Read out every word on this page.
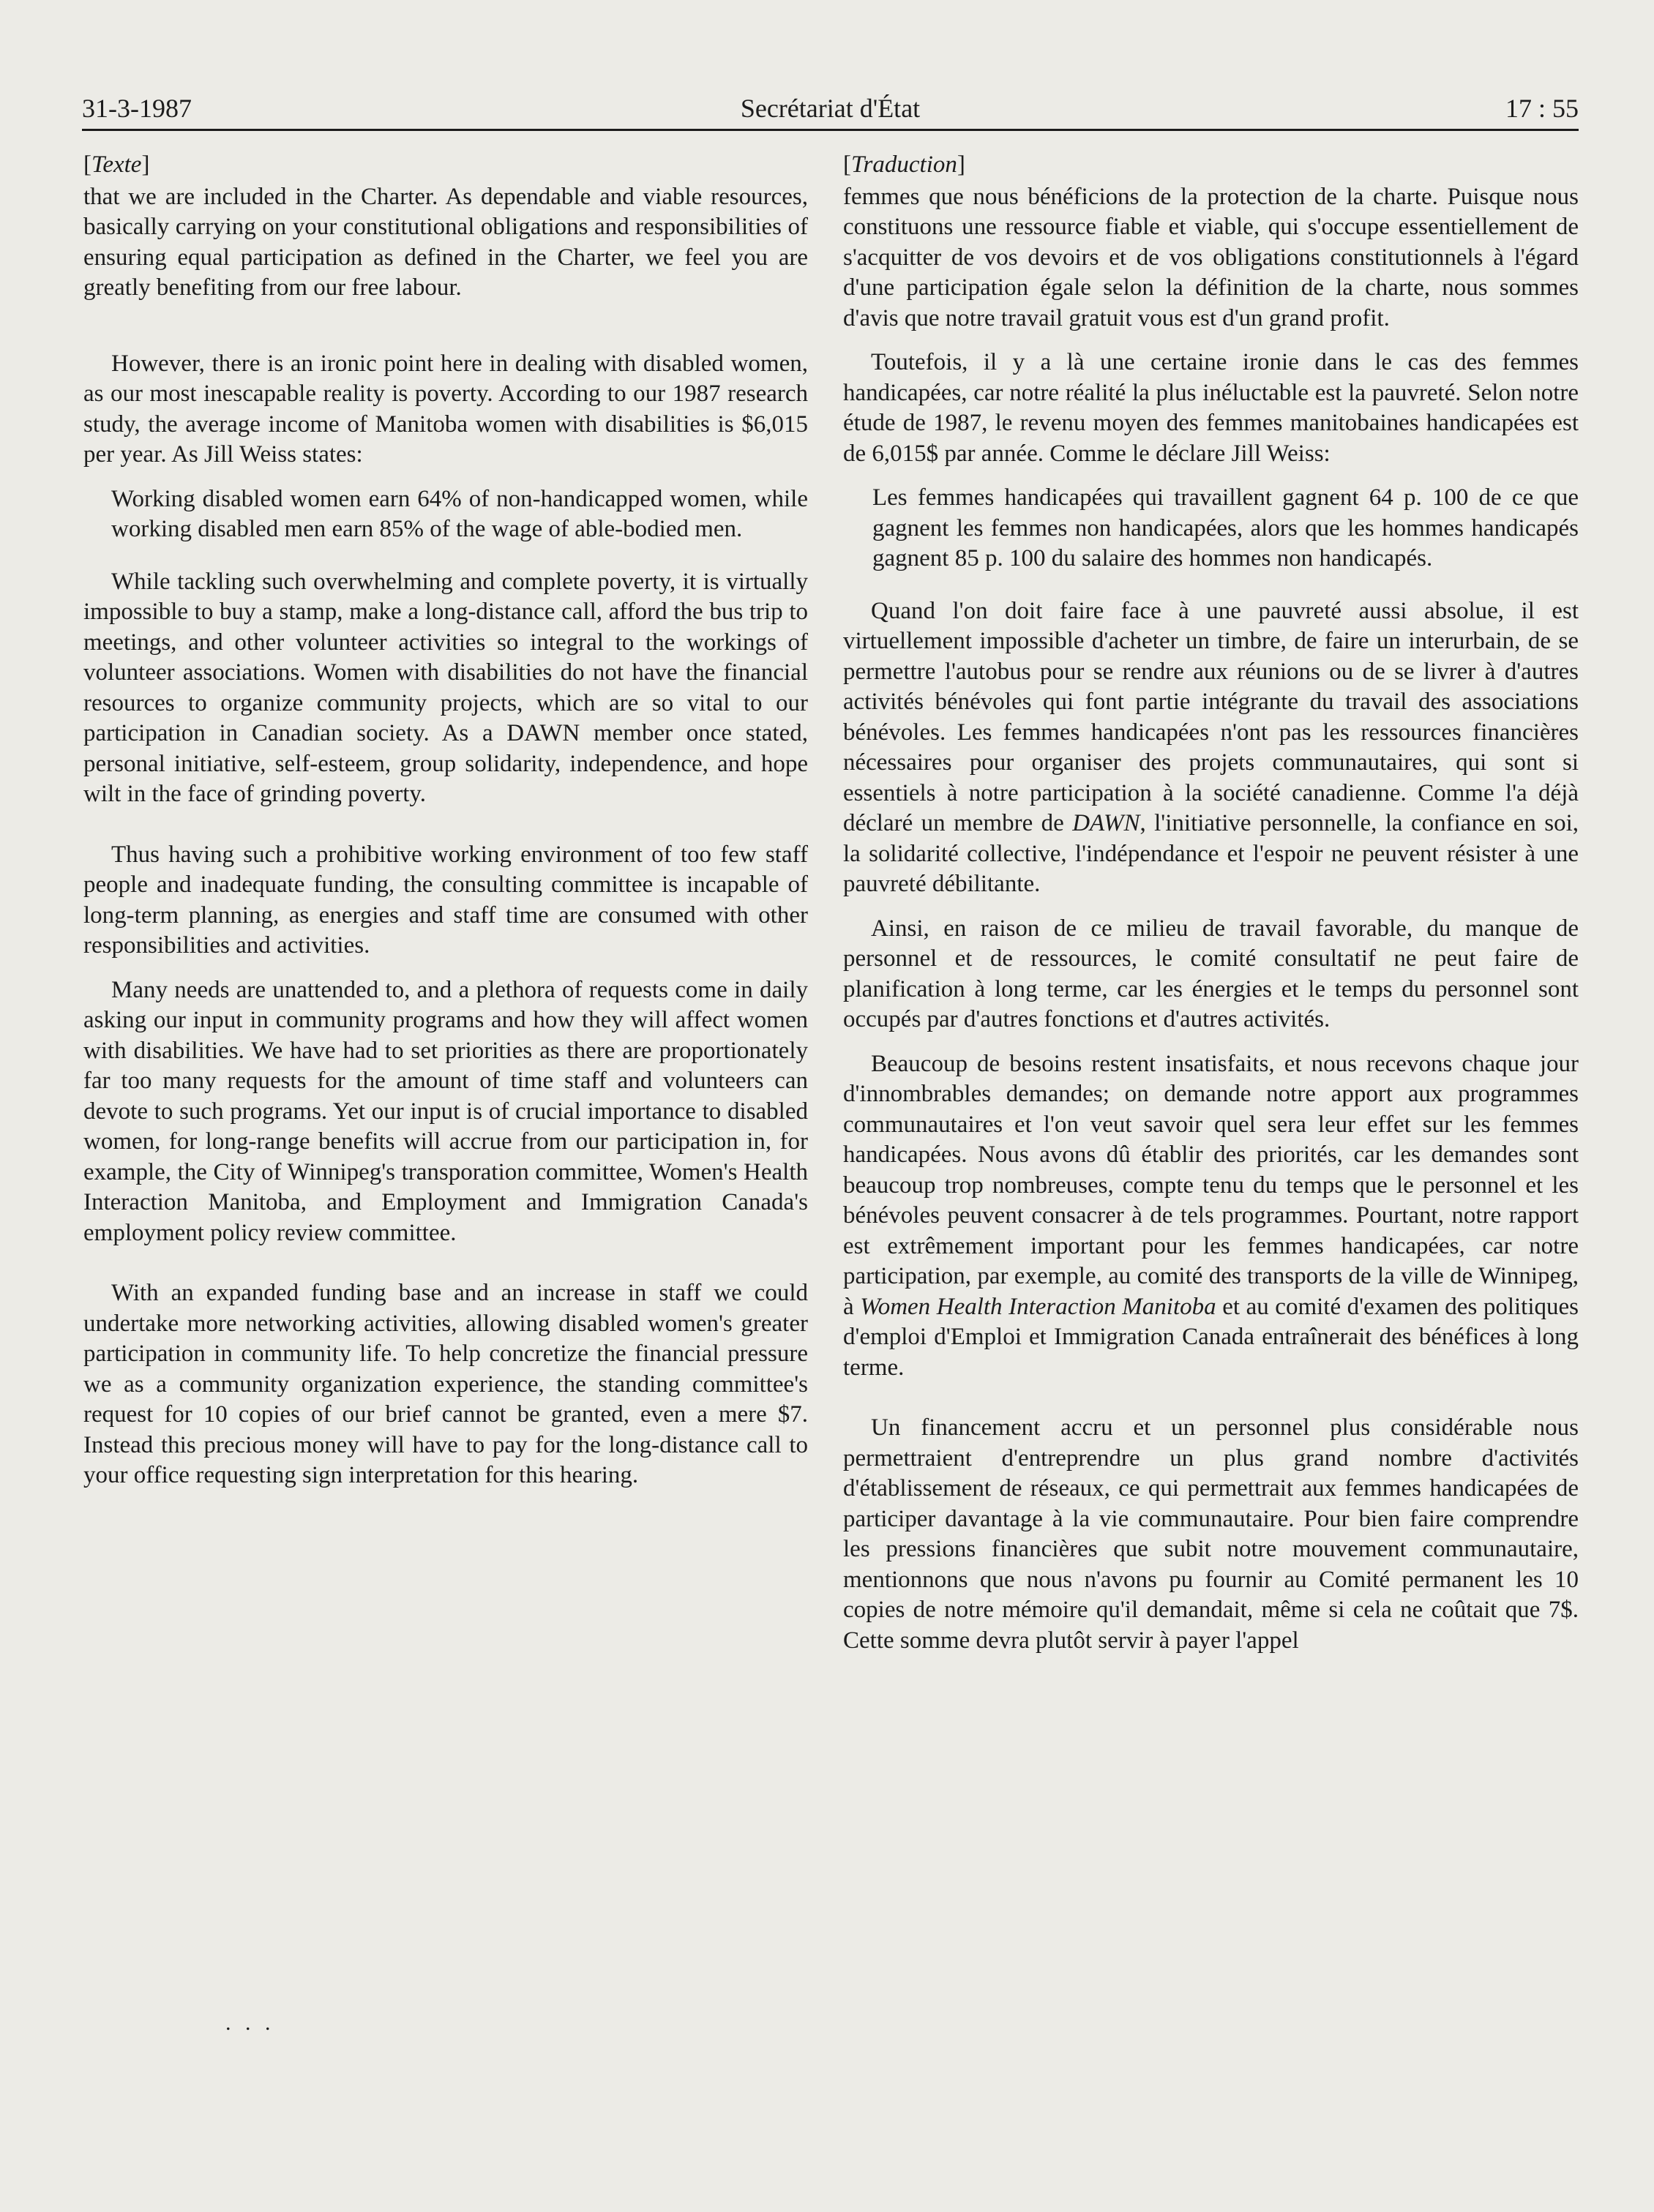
31-3-1987	Secrétariat d'État	17 : 55

[Texte]

that we are included in the Charter. As dependable and viable resources, basically carrying on your constitutional obligations and responsibilities of ensuring equal participation as defined in the Charter, we feel you are greatly benefiting from our free labour.

However, there is an ironic point here in dealing with disabled women, as our most inescapable reality is poverty. According to our 1987 research study, the average income of Manitoba women with disabilities is $6,015 per year. As Jill Weiss states:

Working disabled women earn 64% of non-handicapped women, while working disabled men earn 85% of the wage of able-bodied men.

While tackling such overwhelming and complete poverty, it is virtually impossible to buy a stamp, make a long-distance call, afford the bus trip to meetings, and other volunteer activities so integral to the workings of volunteer associations. Women with disabilities do not have the financial resources to organize community projects, which are so vital to our participation in Canadian society. As a DAWN member once stated, personal initiative, self-esteem, group solidarity, independence, and hope wilt in the face of grinding poverty.

Thus having such a prohibitive working environment of too few staff people and inadequate funding, the consulting committee is incapable of long-term planning, as energies and staff time are consumed with other responsibilities and activities.

Many needs are unattended to, and a plethora of requests come in daily asking our input in community programs and how they will affect women with disabilities. We have had to set priorities as there are proportionately far too many requests for the amount of time staff and volunteers can devote to such programs. Yet our input is of crucial importance to disabled women, for long-range benefits will accrue from our participation in, for example, the City of Winnipeg's transporation committee, Women's Health Interaction Manitoba, and Employment and Immigration Canada's employment policy review committee.

With an expanded funding base and an increase in staff we could undertake more networking activities, allowing disabled women's greater participation in community life. To help concretize the financial pressure we as a community organization experience, the standing committee's request for 10 copies of our brief cannot be granted, even a mere $7. Instead this precious money will have to pay for the long-distance call to your office requesting sign interpretation for this hearing.

. . .

[Traduction]

femmes que nous bénéficions de la protection de la charte. Puisque nous constituons une ressource fiable et viable, qui s'occupe essentiellement de s'acquitter de vos devoirs et de vos obligations constitutionnels à l'égard d'une participation égale selon la définition de la charte, nous sommes d'avis que notre travail gratuit vous est d'un grand profit.

Toutefois, il y a là une certaine ironie dans le cas des femmes handicapées, car notre réalité la plus inéluctable est la pauvreté. Selon notre étude de 1987, le revenu moyen des femmes manitobaines handicapées est de 6,015$ par année. Comme le déclare Jill Weiss:

Les femmes handicapées qui travaillent gagnent 64 p. 100 de ce que gagnent les femmes non handicapées, alors que les hommes handicapés gagnent 85 p. 100 du salaire des hommes non handicapés.

Quand l'on doit faire face à une pauvreté aussi absolue, il est virtuellement impossible d'acheter un timbre, de faire un interurbain, de se permettre l'autobus pour se rendre aux réunions ou de se livrer à d'autres activités bénévoles qui font partie intégrante du travail des associations bénévoles. Les femmes handicapées n'ont pas les ressources financières nécessaires pour organiser des projets communautaires, qui sont si essentiels à notre participation à la société canadienne. Comme l'a déjà déclaré un membre de DAWN, l'initiative personnelle, la confiance en soi, la solidarité collective, l'indépendance et l'espoir ne peuvent résister à une pauvreté débilitante.

Ainsi, en raison de ce milieu de travail favorable, du manque de personnel et de ressources, le comité consultatif ne peut faire de planification à long terme, car les énergies et le temps du personnel sont occupés par d'autres fonctions et d'autres activités.

Beaucoup de besoins restent insatisfaits, et nous recevons chaque jour d'innombrables demandes; on demande notre apport aux programmes communautaires et l'on veut savoir quel sera leur effet sur les femmes handicapées. Nous avons dû établir des priorités, car les demandes sont beaucoup trop nombreuses, compte tenu du temps que le personnel et les bénévoles peuvent consacrer à de tels programmes. Pourtant, notre rapport est extrêmement important pour les femmes handicapées, car notre participation, par exemple, au comité des transports de la ville de Winnipeg, à Women Health Interaction Manitoba et au comité d'examen des politiques d'emploi d'Emploi et Immigration Canada entraînerait des bénéfices à long terme.

Un financement accru et un personnel plus considérable nous permettraient d'entreprendre un plus grand nombre d'activités d'établissement de réseaux, ce qui permettrait aux femmes handicapées de participer davantage à la vie communautaire. Pour bien faire comprendre les pressions financières que subit notre mouvement communautaire, mentionnons que nous n'avons pu fournir au Comité permanent les 10 copies de notre mémoire qu'il demandait, même si cela ne coûtait que 7$. Cette somme devra plutôt servir à payer l'appel
